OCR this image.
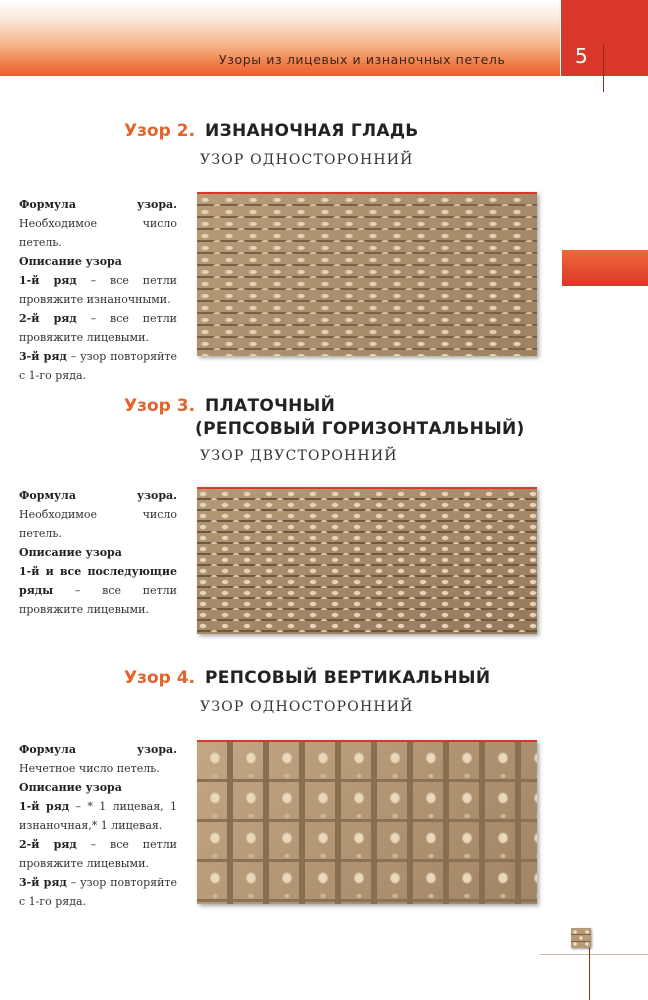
Узоры из лицевых и изнаночных петель	5
Узор 2. ИЗНАНОЧНАЯ ГЛАДЬ
УЗОР ОДНОСТОРОННИЙ

Формула узора. Необходимое число петель.

Описание узора

1-й ряд – все петли провяжите изнаночными.

2-й ряд – все петли провяжите лицевыми.

3-й ряд – узор повторяйте с 1-го ряда.

Узор 3. ПЛАТОЧНЫЙ
(РЕПСОВЫЙ ГОРИЗОНТАЛЬНЫЙ)
УЗОР ДВУСТОРОННИЙ

Формула узора. Необходимое число петель.

Описание узора

1-й и все последующие ряды – все петли провяжите лицевыми.

Узор 4. РЕПСОВЫЙ ВЕРТИКАЛЬНЫЙ
УЗОР ОДНОСТОРОННИЙ

Формула узора. Нечетное число петель.

Описание узора

1-й ряд – * 1 лицевая, 1 изнаночная,* 1 лицевая.

2-й ряд – все петли провяжите лицевыми.

3-й ряд – узор повторяйте с 1-го ряда.
